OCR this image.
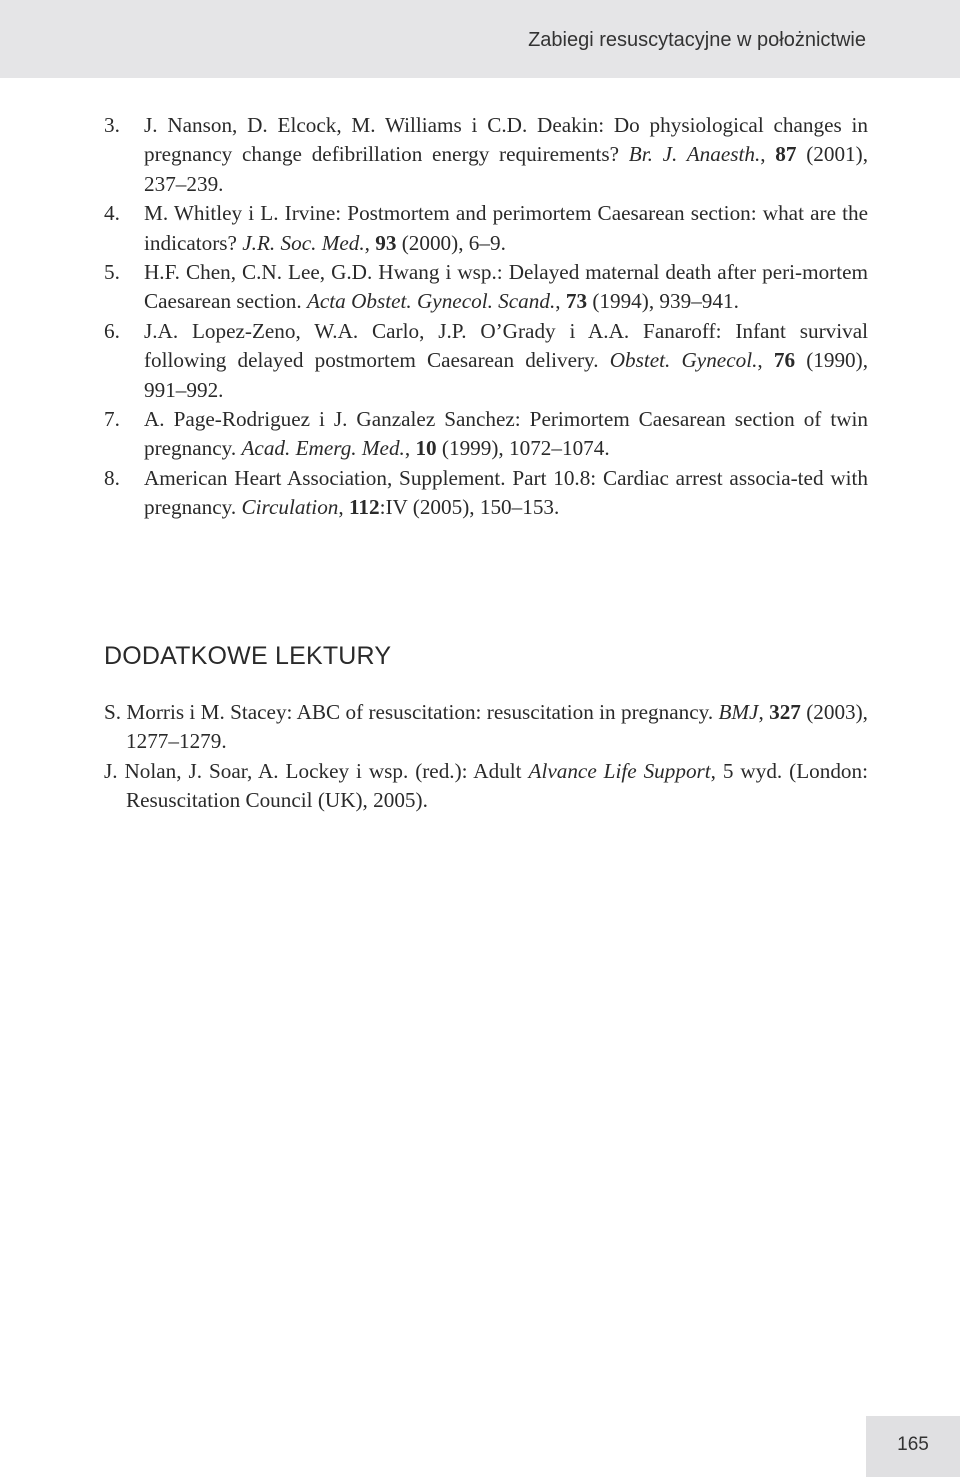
Zabiegi resuscytacyjne w położnictwie
3. J. Nanson, D. Elcock, M. Williams i C.D. Deakin: Do physiological changes in pregnancy change defibrillation energy requirements? Br. J. Anaesth., 87 (2001), 237–239.
4. M. Whitley i L. Irvine: Postmortem and perimortem Caesarean section: what are the indicators? J.R. Soc. Med., 93 (2000), 6–9.
5. H.F. Chen, C.N. Lee, G.D. Hwang i wsp.: Delayed maternal death after peri-​mortem Caesarean section. Acta Obstet. Gynecol. Scand., 73 (1994), 939–941.
6. J.A. Lopez-Zeno, W.A. Carlo, J.P. O’Grady i A.A. Fanaroff: Infant survival following delayed postmortem Caesarean delivery. Obstet. Gynecol., 76 (1990), 991–992.
7. A. Page-Rodriguez i J. Ganzalez Sanchez: Perimortem Caesarean section of twin pregnancy. Acad. Emerg. Med., 10 (1999), 1072–1074.
8. American Heart Association, Supplement. Part 10.8: Cardiac arrest associa-​ted with pregnancy. Circulation, 112:IV (2005), 150–153.
DODATKOWE LEKTURY
S. Morris i M. Stacey: ABC of resuscitation: resuscitation in pregnancy. BMJ, 327 (2003), 1277–1279.
J. Nolan, J. Soar, A. Lockey i wsp. (red.): Adult Alvance Life Support, 5 wyd. (London: Resuscitation Council (UK), 2005).
165
